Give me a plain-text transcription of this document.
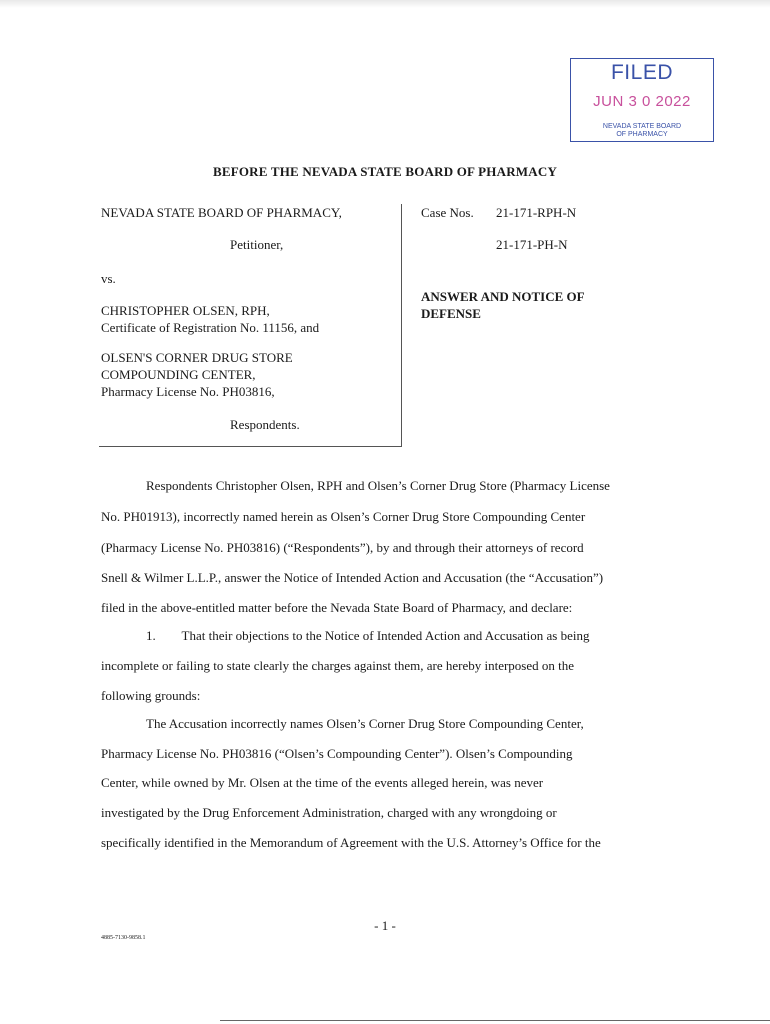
FILED
JUN 3 0 2022
NEVADA STATE BOARD
OF PHARMACY
BEFORE THE NEVADA STATE BOARD OF PHARMACY
NEVADA STATE BOARD OF PHARMACY,
Petitioner,
vs.
CHRISTOPHER OLSEN, RPH,
Certificate of Registration No. 11156, and
OLSEN'S CORNER DRUG STORE
COMPOUNDING CENTER,
Pharmacy License No. PH03816,
Respondents.
Case Nos. 21-171-RPH-N
21-171-PH-N
ANSWER AND NOTICE OF
DEFENSE
Respondents Christopher Olsen, RPH and Olsen’s Corner Drug Store (Pharmacy License
No. PH01913), incorrectly named herein as Olsen’s Corner Drug Store Compounding Center
(Pharmacy License No. PH03816) (“Respondents”), by and through their attorneys of record
Snell & Wilmer L.L.P., answer the Notice of Intended Action and Accusation (the “Accusation”)
filed in the above-entitled matter before the Nevada State Board of Pharmacy, and declare:
1.        That their objections to the Notice of Intended Action and Accusation as being
incomplete or failing to state clearly the charges against them, are hereby interposed on the
following grounds:
The Accusation incorrectly names Olsen’s Corner Drug Store Compounding Center,
Pharmacy License No. PH03816 (“Olsen’s Compounding Center”). Olsen’s Compounding
Center, while owned by Mr. Olsen at the time of the events alleged herein, was never
investigated by the Drug Enforcement Administration, charged with any wrongdoing or
specifically identified in the Memorandum of Agreement with the U.S. Attorney’s Office for the
- 1 -
4885-7130-9858.1
